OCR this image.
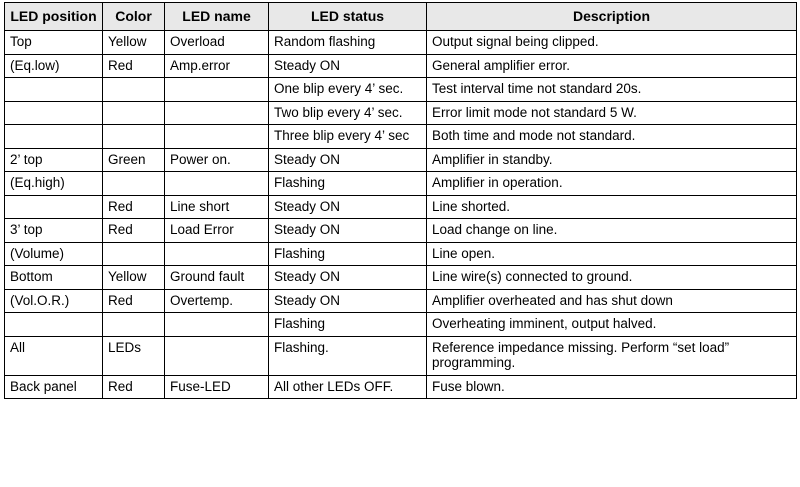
LED position	Color	LED name	LED status	Description
Top	Yellow	Overload	Random flashing	Output signal being clipped.
(Eq.low)	Red	Amp.error	Steady ON	General amplifier error.
			One blip every 4’ sec.	Test interval time not standard 20s.
			Two blip every 4’ sec.	Error limit mode not standard 5 W.
			Three blip every 4’ sec	Both time and mode not standard.
2’ top	Green	Power on.	Steady ON	Amplifier in standby.
(Eq.high)			Flashing	Amplifier in operation.
	Red	Line short	Steady ON	Line shorted.
3’ top	Red	Load Error	Steady ON	Load change on line.
(Volume)			Flashing	Line open.
Bottom	Yellow	Ground fault	Steady ON	Line wire(s) connected to ground.
(Vol.O.R.)	Red	Overtemp.	Steady ON	Amplifier overheated and has shut down
			Flashing	Overheating imminent, output halved.
All	LEDs		Flashing.	Reference impedance missing. Perform “set load” programming.
Back panel	Red	Fuse-LED	All other LEDs OFF.	Fuse blown.
